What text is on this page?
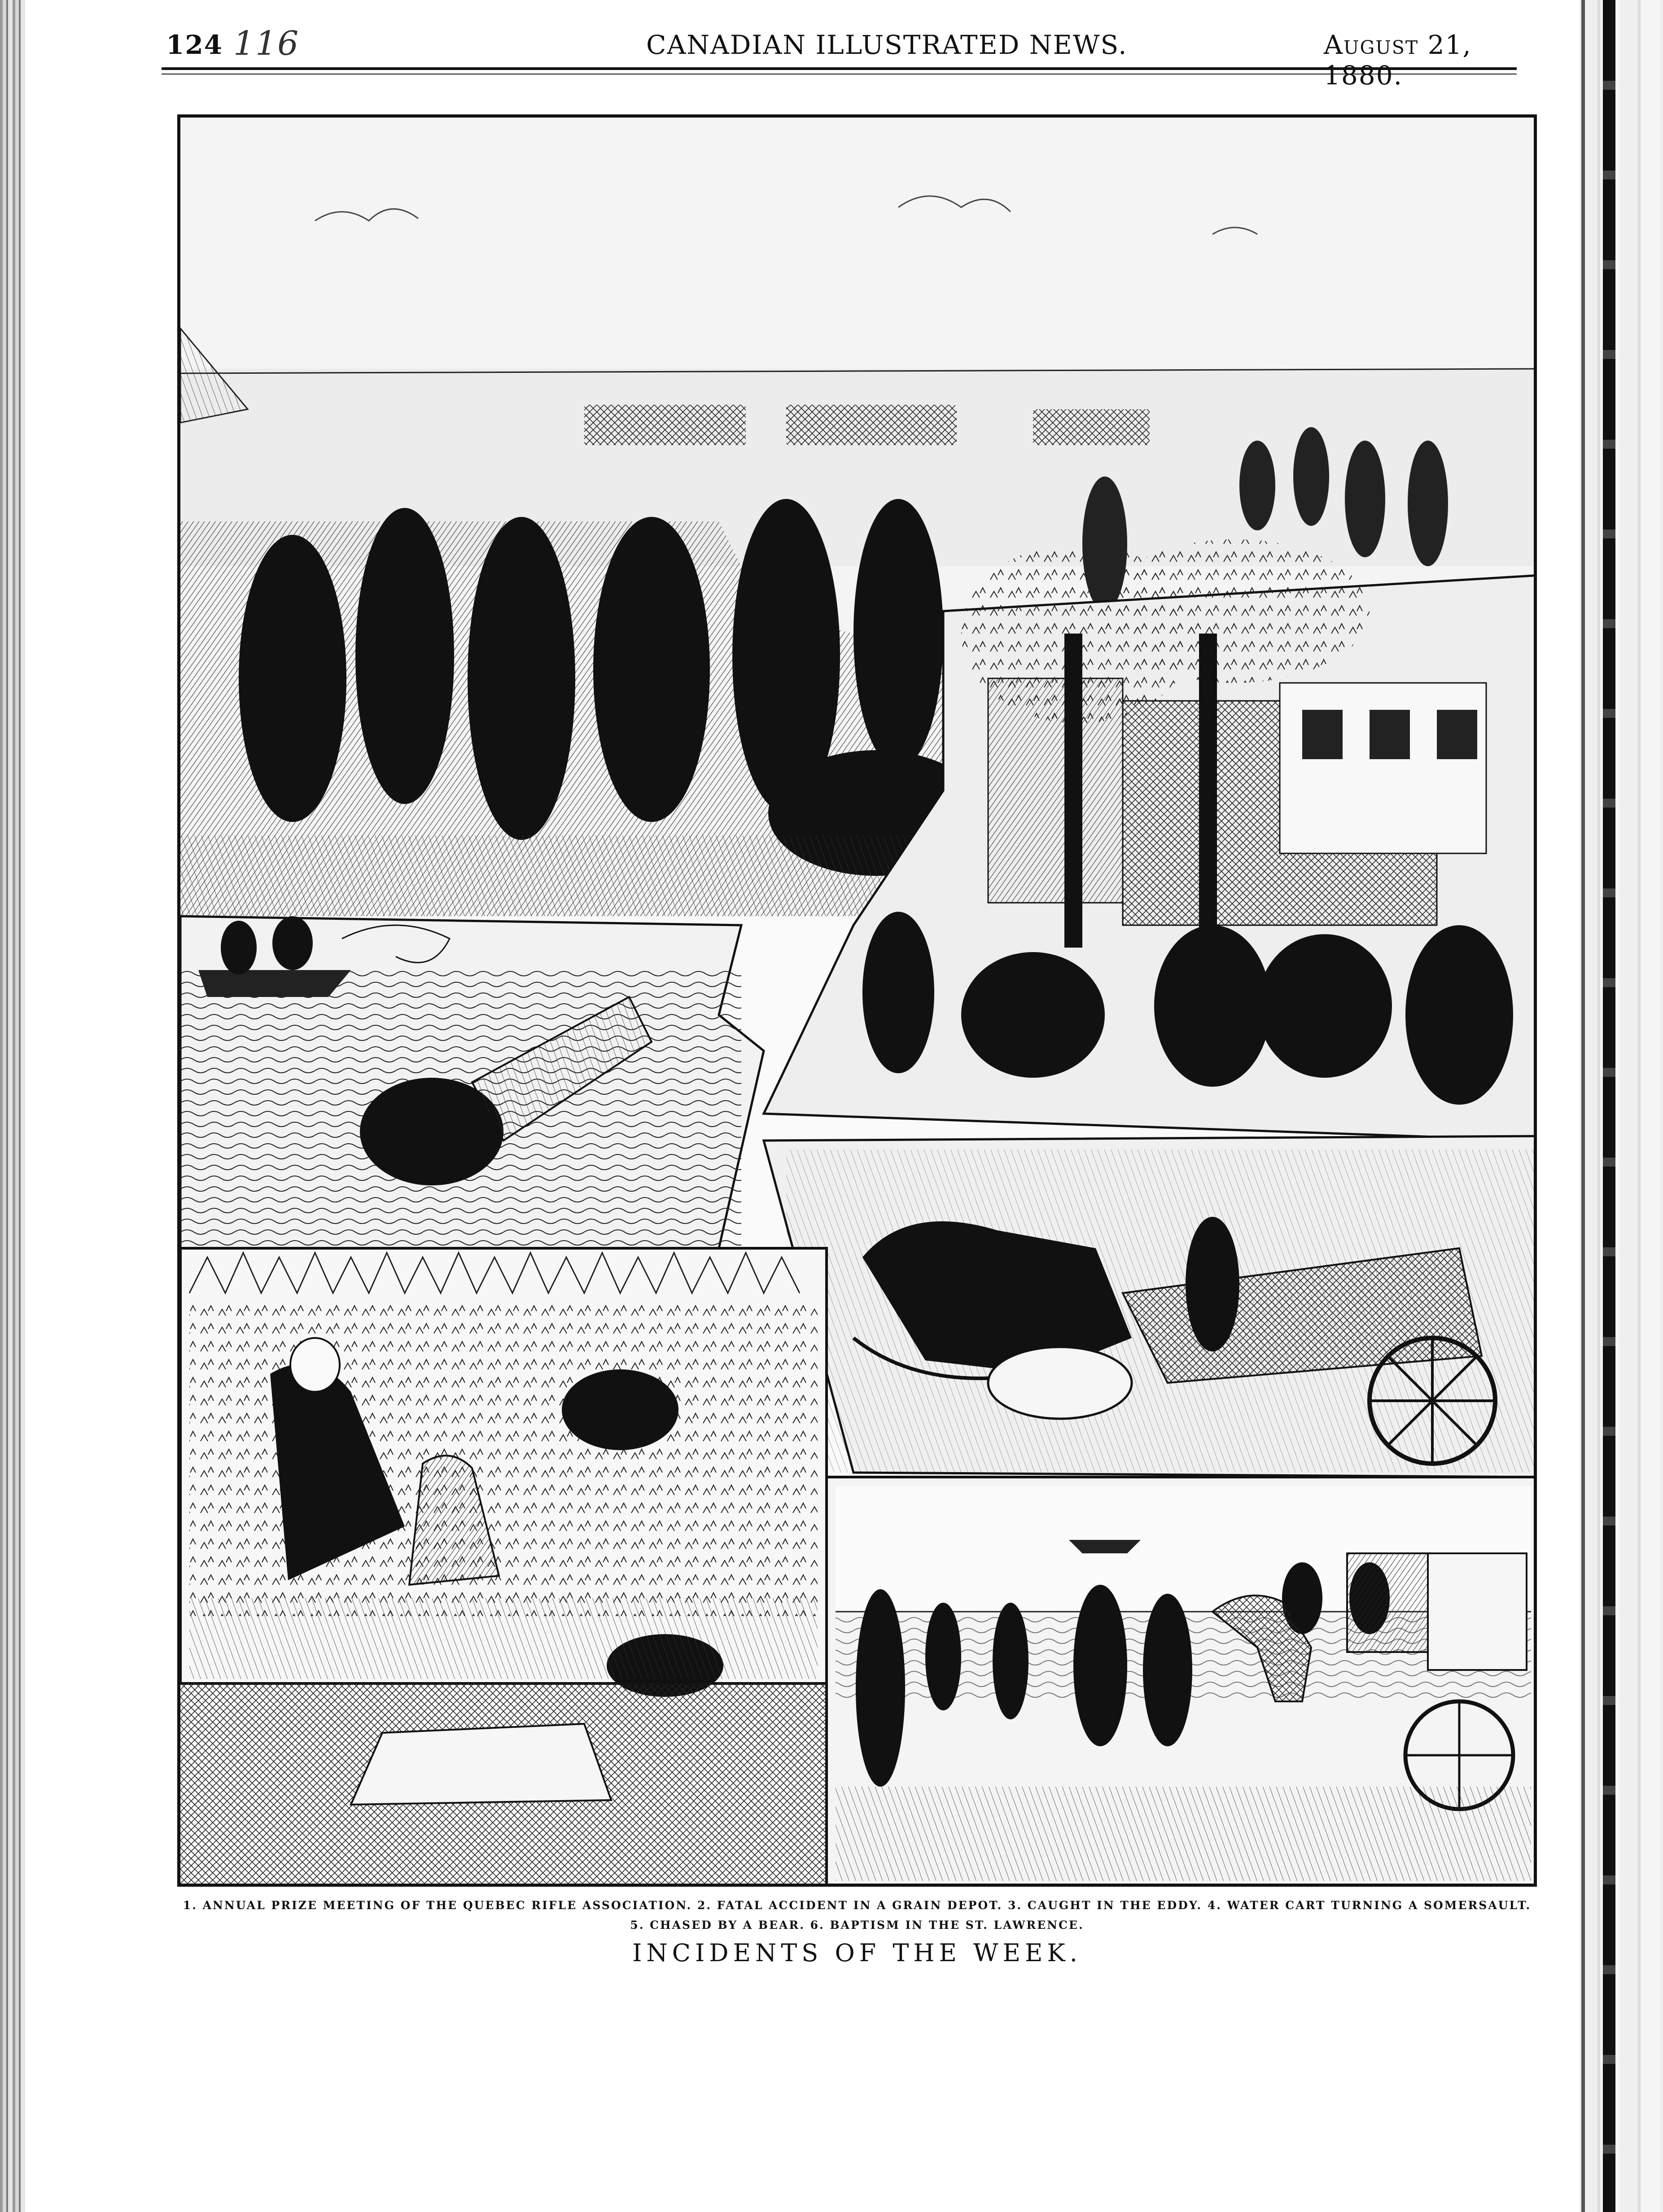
124 116	CANADIAN ILLUSTRATED NEWS.	August 21, 1880.
1. ANNUAL PRIZE MEETING OF THE QUEBEC RIFLE ASSOCIATION. 2. FATAL ACCIDENT IN A GRAIN DEPOT. 3. CAUGHT IN THE EDDY. 4. WATER CART TURNING A SOMERSAULT.
5. CHASED BY A BEAR. 6. BAPTISM IN THE ST. LAWRENCE.
INCIDENTS OF THE WEEK.
